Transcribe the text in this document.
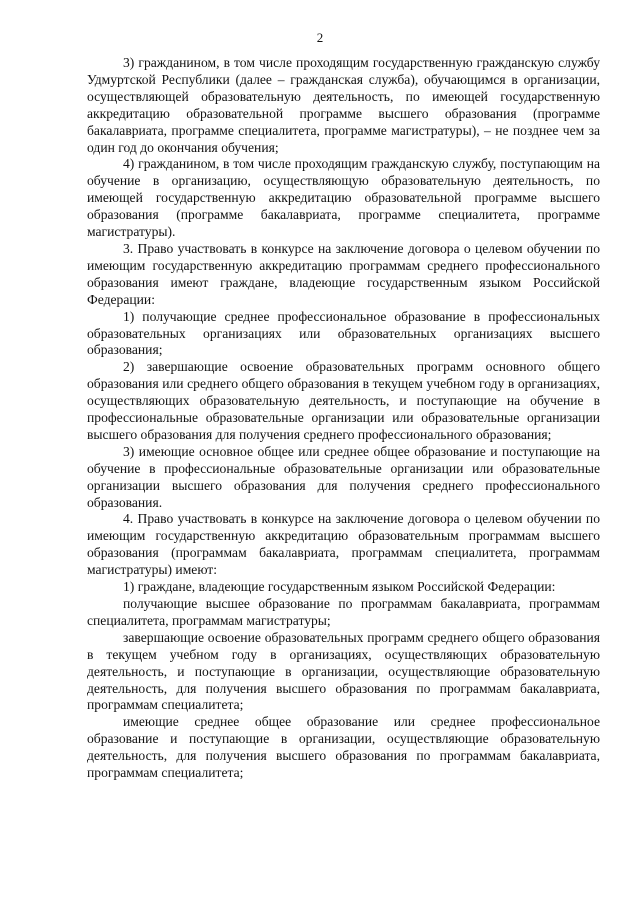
2

3) гражданином, в том числе проходящим государственную гражданскую службу Удмуртской Республики (далее – гражданская служба), обучающимся в организации, осуществляющей образовательную деятельность, по имеющей государственную аккредитацию образовательной программе высшего образования (программе бакалавриата, программе специалитета, программе магистратуры), – не позднее чем за один год до окончания обучения;

4) гражданином, в том числе проходящим гражданскую службу, поступающим на обучение в организацию, осуществляющую образовательную деятельность, по имеющей государственную аккредитацию образовательной программе высшего образования (программе бакалавриата, программе специалитета, программе магистратуры).

3. Право участвовать в конкурсе на заключение договора о целевом обучении по имеющим государственную аккредитацию программам среднего профессионального образования имеют граждане, владеющие государственным языком Российской Федерации:

1) получающие среднее профессиональное образование в профессиональных образовательных организациях или образовательных организациях высшего образования;

2) завершающие освоение образовательных программ основного общего образования или среднего общего образования в текущем учебном году в организациях, осуществляющих образовательную деятельность, и поступающие на обучение в профессиональные образовательные организации или образовательные организации высшего образования для получения среднего профессионального образования;

3) имеющие основное общее или среднее общее образование и поступающие на обучение в профессиональные образовательные организации или образовательные организации высшего образования для получения среднего профессионального образования.

4. Право участвовать в конкурсе на заключение договора о целевом обучении по имеющим государственную аккредитацию образовательным программам высшего образования (программам бакалавриата, программам специалитета, программам магистратуры) имеют:

1) граждане, владеющие государственным языком Российской Федерации:

получающие высшее образование по программам бакалавриата, программам специалитета, программам магистратуры;

завершающие освоение образовательных программ среднего общего образования в текущем учебном году в организациях, осуществляющих образовательную деятельность, и поступающие в организации, осуществляющие образовательную деятельность, для получения высшего образования по программам бакалавриата, программам специалитета;

имеющие среднее общее образование или среднее профессиональное образование и поступающие в организации, осуществляющие образовательную деятельность, для получения высшего образования по программам бакалавриата, программам специалитета;
